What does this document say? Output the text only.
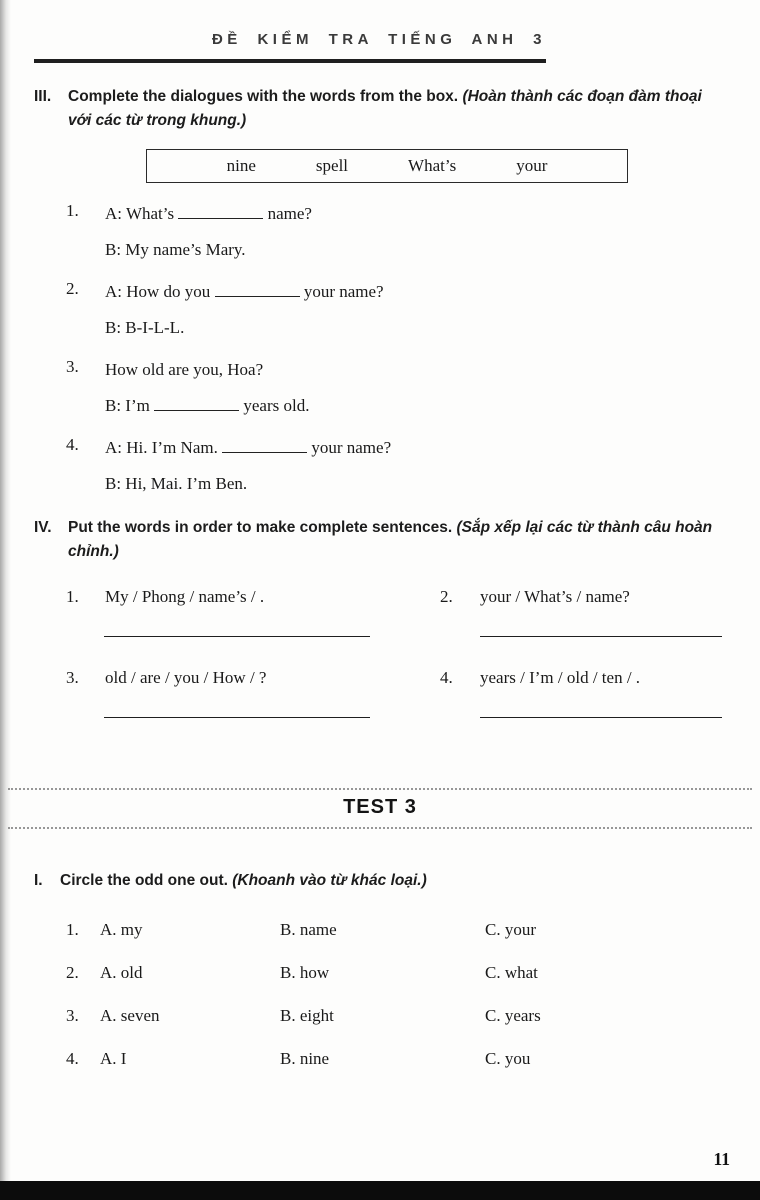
ĐỀ KIỂM TRA TIẾNG ANH 3
III.	Complete the dialogues with the words from the box. (Hoàn thành các đoạn đàm thoại với các từ trong khung.)
nine	spell	What’s	your
1.	A: What’s	name?
B: My name’s Mary.
2.	A: How do you	your name?
B: B-I-L-L.
3.	How old are you, Hoa?
B: I’m	years old.
4.	A: Hi. I’m Nam.	your name?
B: Hi, Mai. I’m Ben.
IV.	Put the words in order to make complete sentences. (Sắp xếp lại các từ thành câu hoàn chỉnh.)
1.	My / Phong / name’s / .	2.	your / What’s / name?
3.	old / are / you / How / ?	4.	years / I’m / old / ten / .
TEST 3
I.	Circle the odd one out. (Khoanh vào từ khác loại.)
1.	A. my	B. name	C. your
2.	A. old	B. how	C. what
3.	A. seven	B. eight	C. years
4.	A. I	B. nine	C. you
11
